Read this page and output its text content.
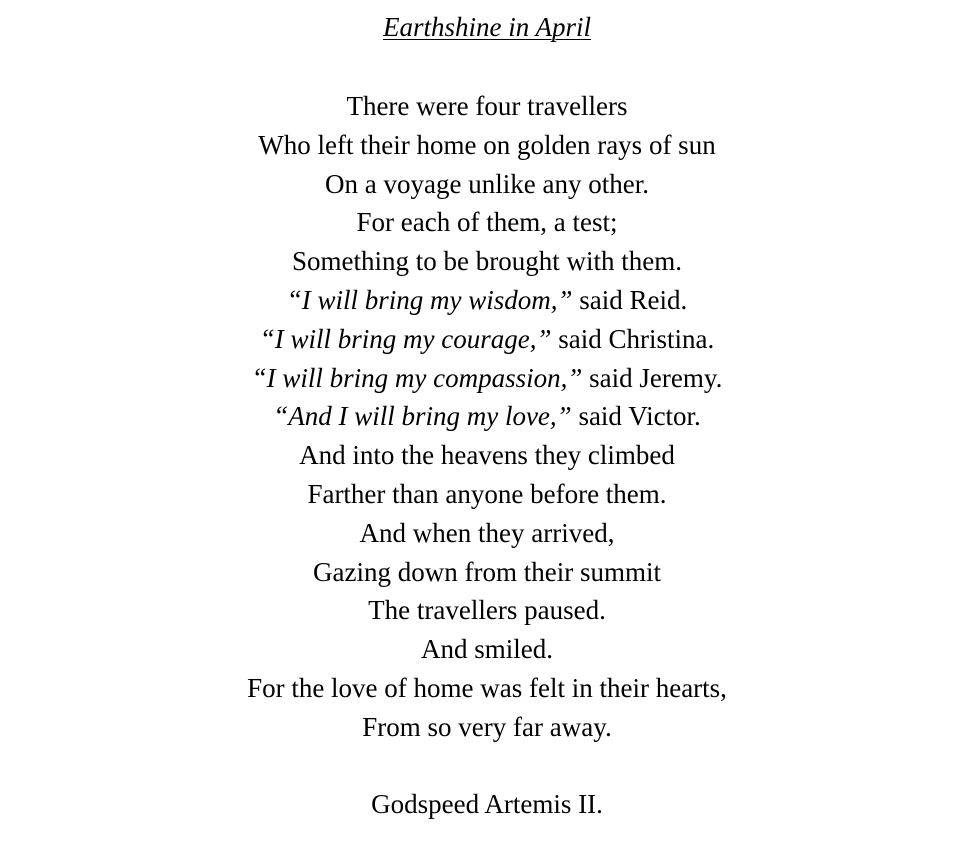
Earthshine in April
There were four travellers
Who left their home on golden rays of sun
On a voyage unlike any other.
For each of them, a test;
Something to be brought with them.
“I will bring my wisdom,” said Reid.
“I will bring my courage,” said Christina.
“I will bring my compassion,” said Jeremy.
“And I will bring my love,” said Victor.
And into the heavens they climbed
Farther than anyone before them.
And when they arrived,
Gazing down from their summit
The travellers paused.
And smiled.
For the love of home was felt in their hearts,
From so very far away.
Godspeed Artemis II.
